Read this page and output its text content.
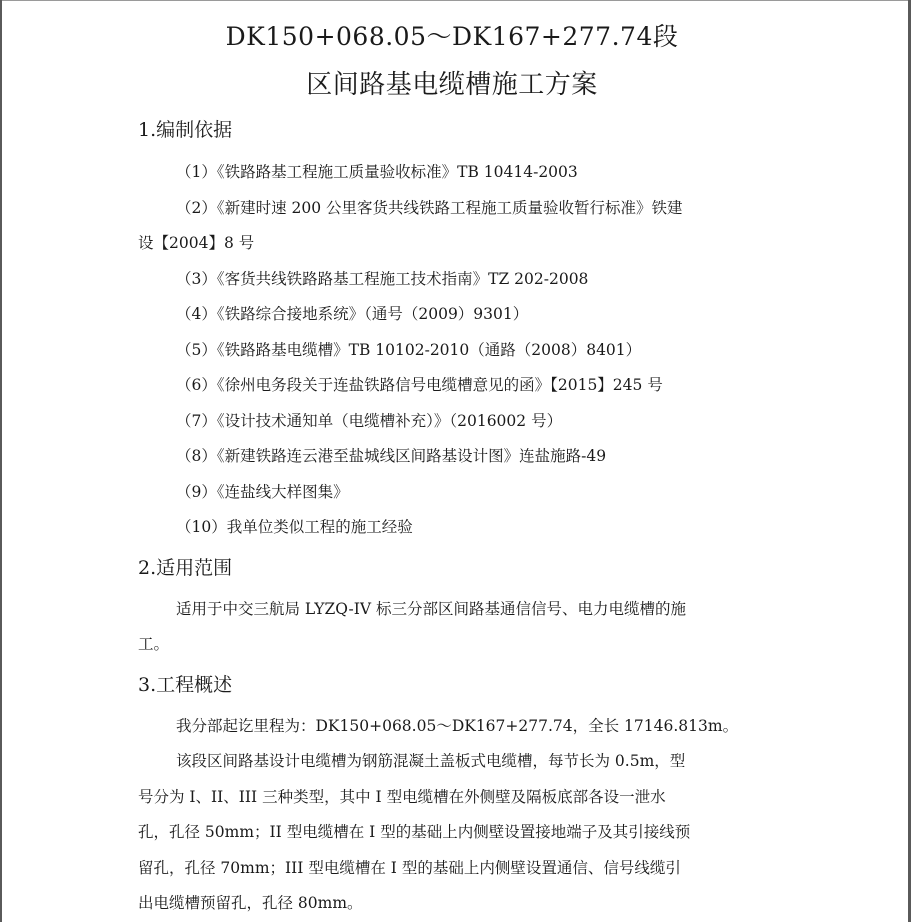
DK150+068.05～DK167+277.74段
区间路基电缆槽施工方案
1.编制依据
（1）《铁路路基工程施工质量验收标准》TB 10414-2003
（2）《新建时速 200 公里客货共线铁路工程施工质量验收暂行标准》铁建
设【2004】8 号
（3）《客货共线铁路路基工程施工技术指南》TZ 202-2008
（4）《铁路综合接地系统》（通号（2009）9301）
（5）《铁路路基电缆槽》TB 10102-2010（通路（2008）8401）
（6）《徐州电务段关于连盐铁路信号电缆槽意见的函》【2015】245 号
（7）《设计技术通知单（电缆槽补充）》（2016002 号）
（8）《新建铁路连云港至盐城线区间路基设计图》连盐施路-49
（9）《连盐线大样图集》
（10）我单位类似工程的施工经验
2.适用范围

适用于中交三航局 LYZQ-IV 标三分部区间路基通信信号、电力电缆槽的施

工。

3.工程概述

我分部起讫里程为：DK150+068.05～DK167+277.74，全长 17146.813m。

该段区间路基设计电缆槽为钢筋混凝土盖板式电缆槽，每节长为 0.5m，型

号分为 I、II、III 三种类型，其中 I 型电缆槽在外侧壁及隔板底部各设一泄水

孔，孔径 50mm；II 型电缆槽在 I 型的基础上内侧壁设置接地端子及其引接线预

留孔，孔径 70mm；III 型电缆槽在 I 型的基础上内侧壁设置通信、信号线缆引

出电缆槽预留孔，孔径 80mm。
